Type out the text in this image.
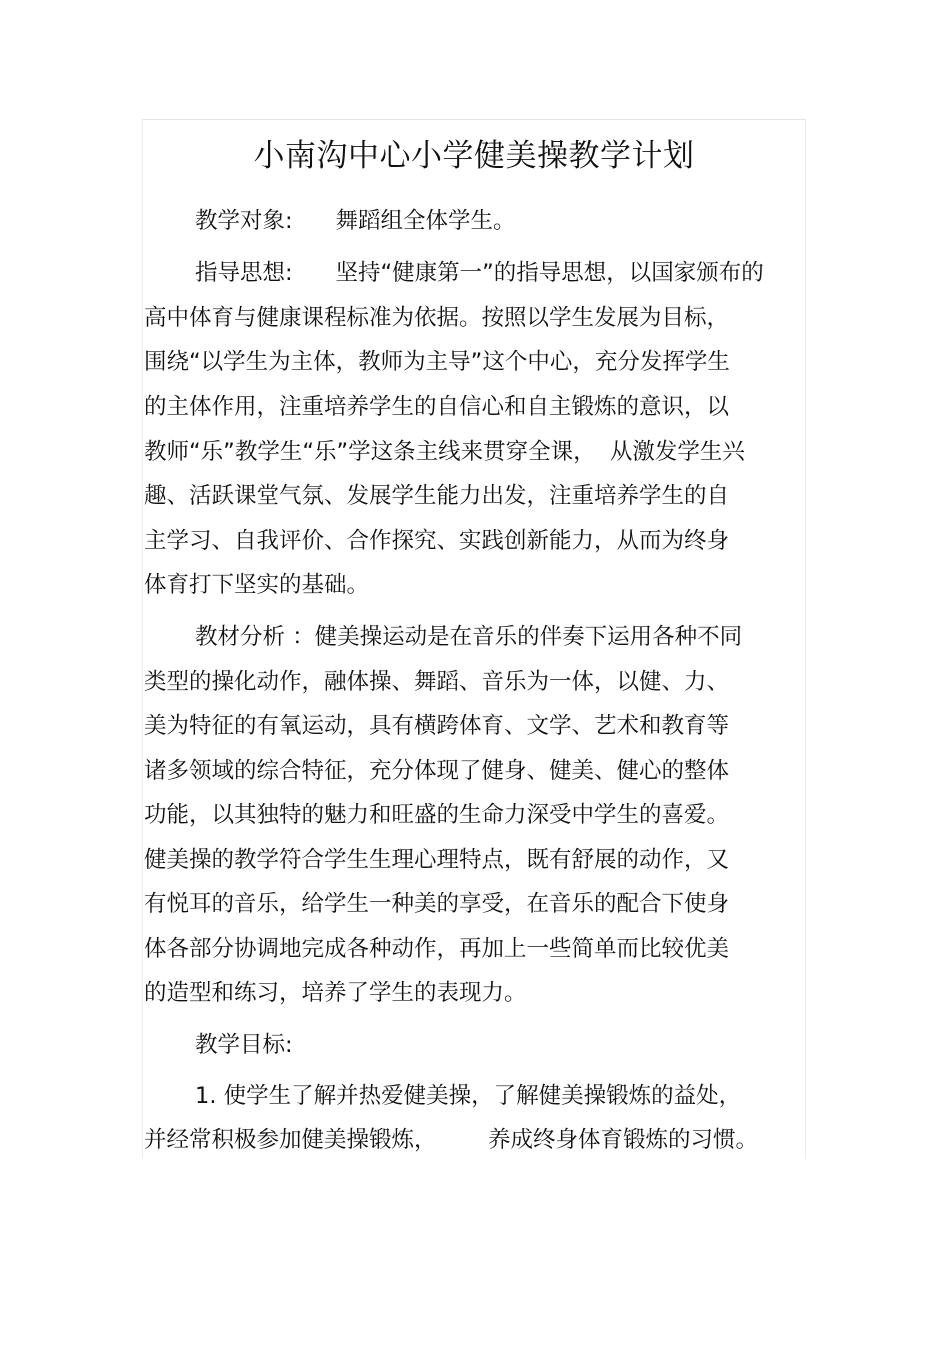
小南沟中心小学健美操教学计划
教学对象:      舞蹈组全体学生。
指导思想:      坚持“健康第一”的指导思想，以国家颁布的
高中体育与健康课程标准为依据。按照以学生发展为目标，
围绕“以学生为主体，教师为主导”这个中心，充分发挥学生
的主体作用，注重培养学生的自信心和自主锻炼的意识，以
教师“乐”教学生“乐”学这条主线来贯穿全课，  从激发学生兴
趣、活跃课堂气氛、发展学生能力出发，注重培养学生的自
主学习、自我评价、合作探究、实践创新能力，从而为终身
体育打下坚实的基础。
教材分析 ：健美操运动是在音乐的伴奏下运用各种不同
类型的操化动作，融体操、舞蹈、音乐为一体，以健、力、
美为特征的有氧运动，具有横跨体育、文学、艺术和教育等
诸多领域的综合特征，充分体现了健身、健美、健心的整体
功能，以其独特的魅力和旺盛的生命力深受中学生的喜爱。
健美操的教学符合学生生理心理特点，既有舒展的动作，又
有悦耳的音乐，给学生一种美的享受，在音乐的配合下使身
体各部分协调地完成各种动作，再加上一些简单而比较优美
的造型和练习，培养了学生的表现力。
教学目标:
1. 使学生了解并热爱健美操，了解健美操锻炼的益处，
并经常积极参加健美操锻炼， 养成终身体育锻炼的习惯。
